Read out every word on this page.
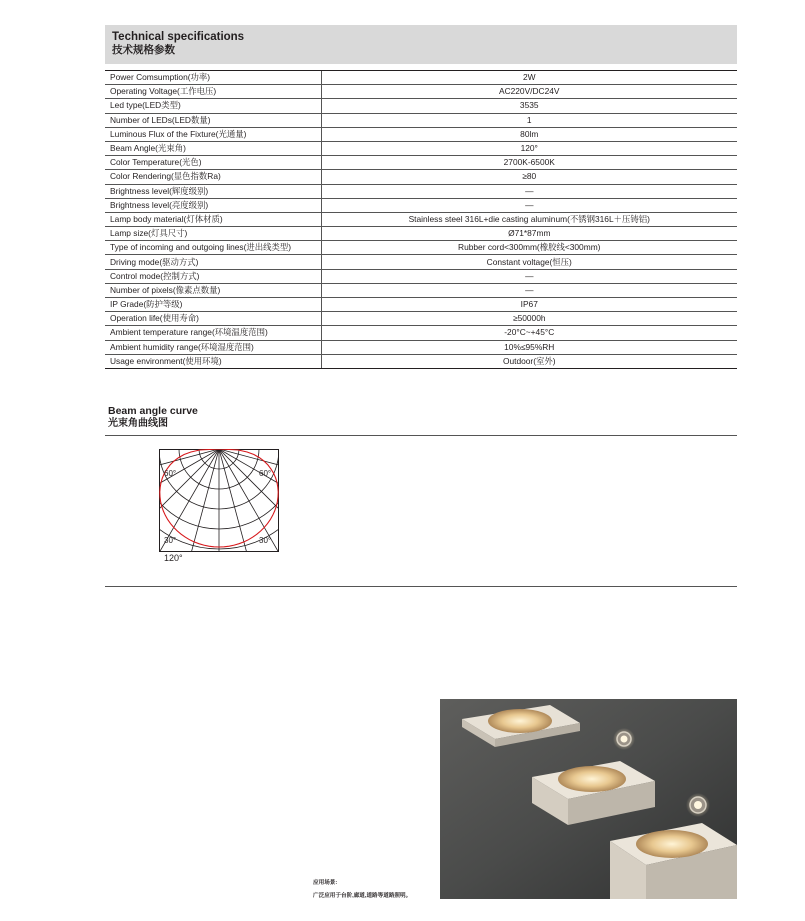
Technical specifications
技术规格参数
Power Comsumption(功率)	2W
Operating Voltage(工作电压)	AC220V/DC24V
Led type(LED类型)	3535
Number of LEDs(LED数量)	1
Luminous Flux of the Fixture(光通量)	80lm
Beam Angle(光束角)	120°
Color Temperature(光色)	2700K-6500K
Color Rendering(显色指数Ra)	≥80
Brightness level(辉度级别)	—
Brightness level(亮度级别)	—
Lamp body material(灯体材质)	Stainless steel 316L+die casting aluminum(不锈钢316L＋压铸铝)
Lamp size(灯具尺寸)	Ø71*87mm
Type of incoming and outgoing lines(进出线类型)	Rubber cord<300mm(橡胶线<300mm)
Driving mode(驱动方式)	Constant voltage(恒压)
Control mode(控制方式)	—
Number of pixels(像素点数量)	—
IP Grade(防护等级)	IP67
Operation life(使用寿命)	≥50000h
Ambient temperature range(环境温度范围)	-20°C~+45°C
Ambient humidity range(环境湿度范围)	10%≤95%RH
Usage environment(使用环境)	Outdoor(室外)
Beam angle curve
光束角曲线图
60°	60°
30°	30°
120°
应用场景:
广泛应用于台阶,廊道,道路等道路照明。
